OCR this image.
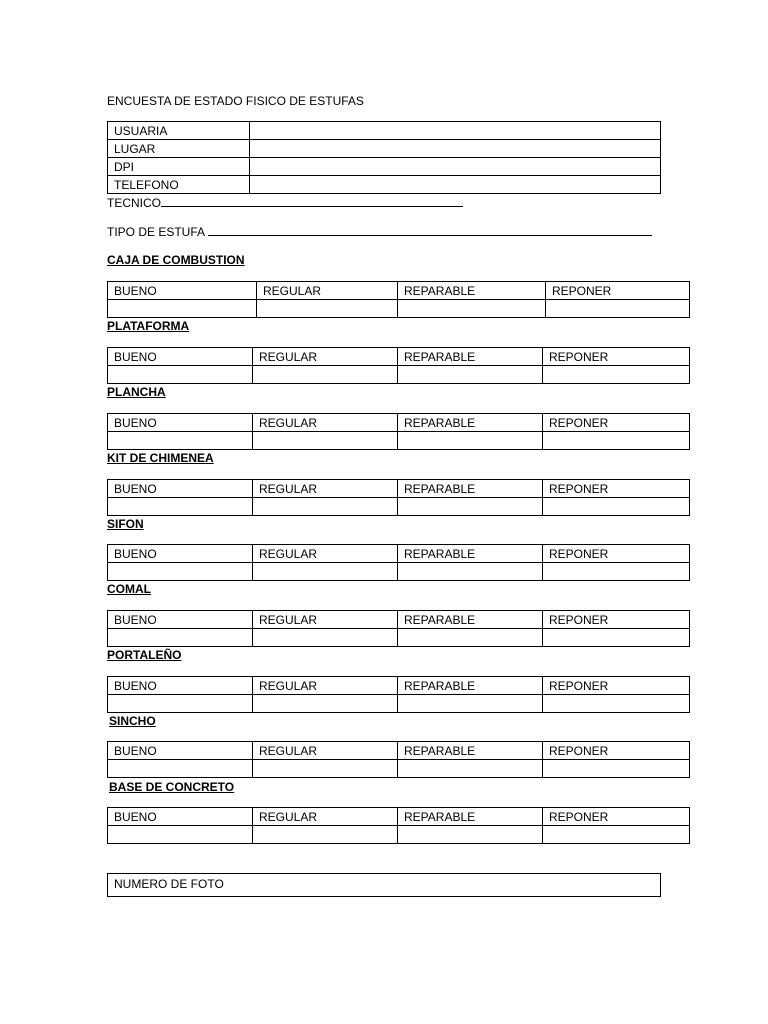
ENCUESTA DE ESTADO FISICO DE ESTUFAS
USUARIA	
LUGAR	
DPI	
TELEFONO	
TECNICO
TIPO DE ESTUFA
CAJA DE COMBUSTION
BUENO	REGULAR	REPARABLE	REPONER

PLATAFORMA
BUENO	REGULAR	REPARABLE	REPONER

PLANCHA
BUENO	REGULAR	REPARABLE	REPONER

KIT DE CHIMENEA
BUENO	REGULAR	REPARABLE	REPONER

SIFON
BUENO	REGULAR	REPARABLE	REPONER

COMAL
BUENO	REGULAR	REPARABLE	REPONER

PORTALEÑO
BUENO	REGULAR	REPARABLE	REPONER

SINCHO
BUENO	REGULAR	REPARABLE	REPONER

BASE DE CONCRETO
BUENO	REGULAR	REPARABLE	REPONER

NUMERO DE FOTO
